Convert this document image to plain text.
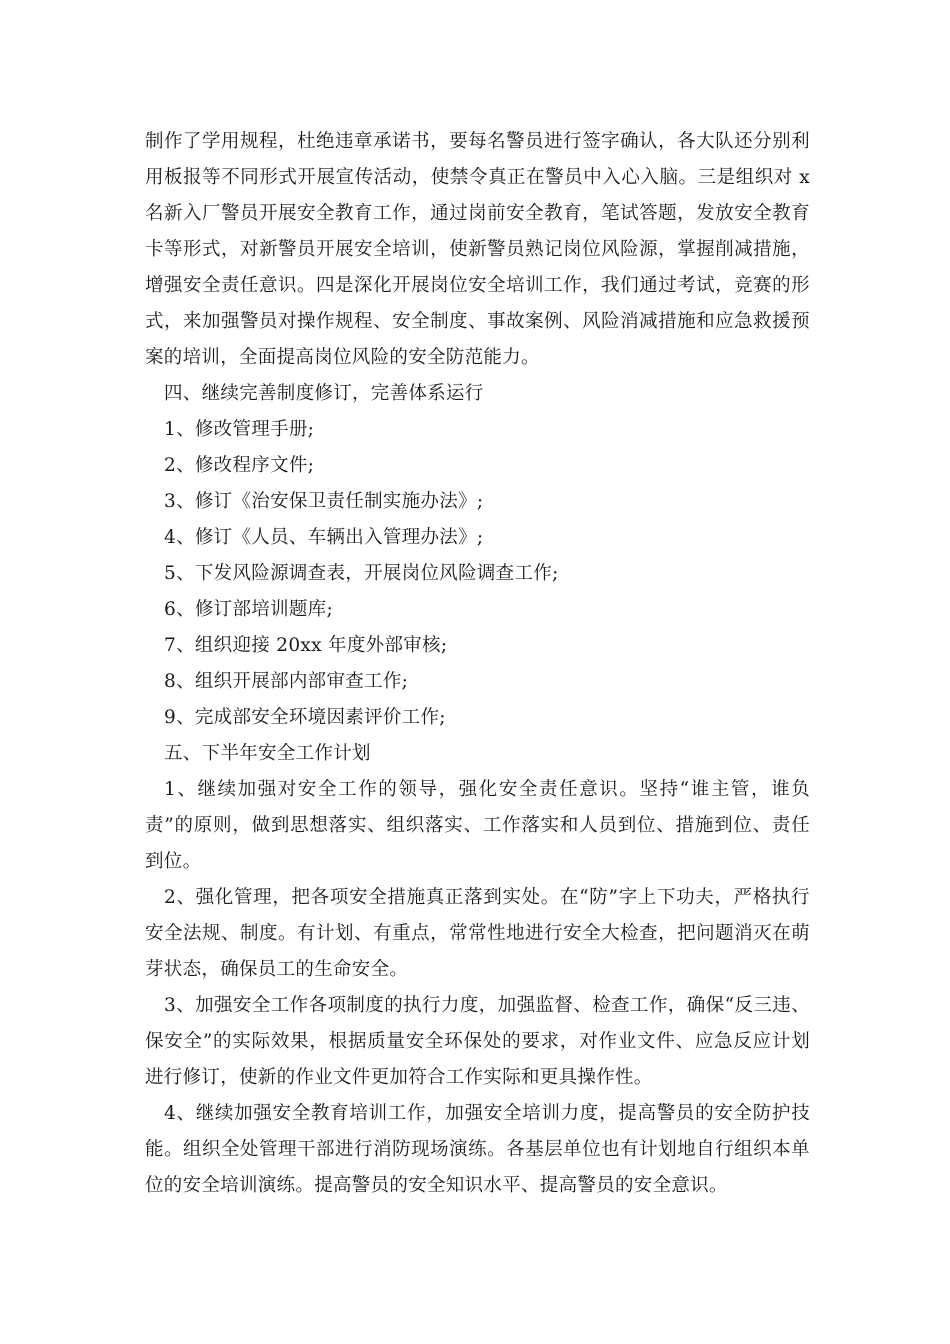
制作了学用规程，杜绝违章承诺书，要每名警员进行签字确认，各大队还分别利用板报等不同形式开展宣传活动，使禁令真正在警员中入心入脑。三是组织对 x 名新入厂警员开展安全教育工作，通过岗前安全教育，笔试答题，发放安全教育卡等形式，对新警员开展安全培训，使新警员熟记岗位风险源，掌握削减措施，增强安全责任意识。四是深化开展岗位安全培训工作，我们通过考试，竞赛的形式，来加强警员对操作规程、安全制度、事故案例、风险消减措施和应急救援预案的培训，全面提高岗位风险的安全防范能力。

四、继续完善制度修订，完善体系运行

1、修改管理手册;

2、修改程序文件;

3、修订《治安保卫责任制实施办法》;

4、修订《人员、车辆出入管理办法》;

5、下发风险源调查表，开展岗位风险调查工作;

6、修订部培训题库;

7、组织迎接 20xx 年度外部审核;

8、组织开展部内部审查工作;

9、完成部安全环境因素评价工作;

五、下半年安全工作计划

1、继续加强对安全工作的领导，强化安全责任意识。坚持“谁主管，谁负责”的原则，做到思想落实、组织落实、工作落实和人员到位、措施到位、责任到位。

2、强化管理，把各项安全措施真正落到实处。在“防”字上下功夫，严格执行安全法规、制度。有计划、有重点，常常性地进行安全大检查，把问题消灭在萌芽状态，确保员工的生命安全。

3、加强安全工作各项制度的执行力度，加强监督、检查工作，确保“反三违、保安全”的实际效果，根据质量安全环保处的要求，对作业文件、应急反应计划进行修订，使新的作业文件更加符合工作实际和更具操作性。

4、继续加强安全教育培训工作，加强安全培训力度，提高警员的安全防护技能。组织全处管理干部进行消防现场演练。各基层单位也有计划地自行组织本单位的安全培训演练。提高警员的安全知识水平、提高警员的安全意识。
